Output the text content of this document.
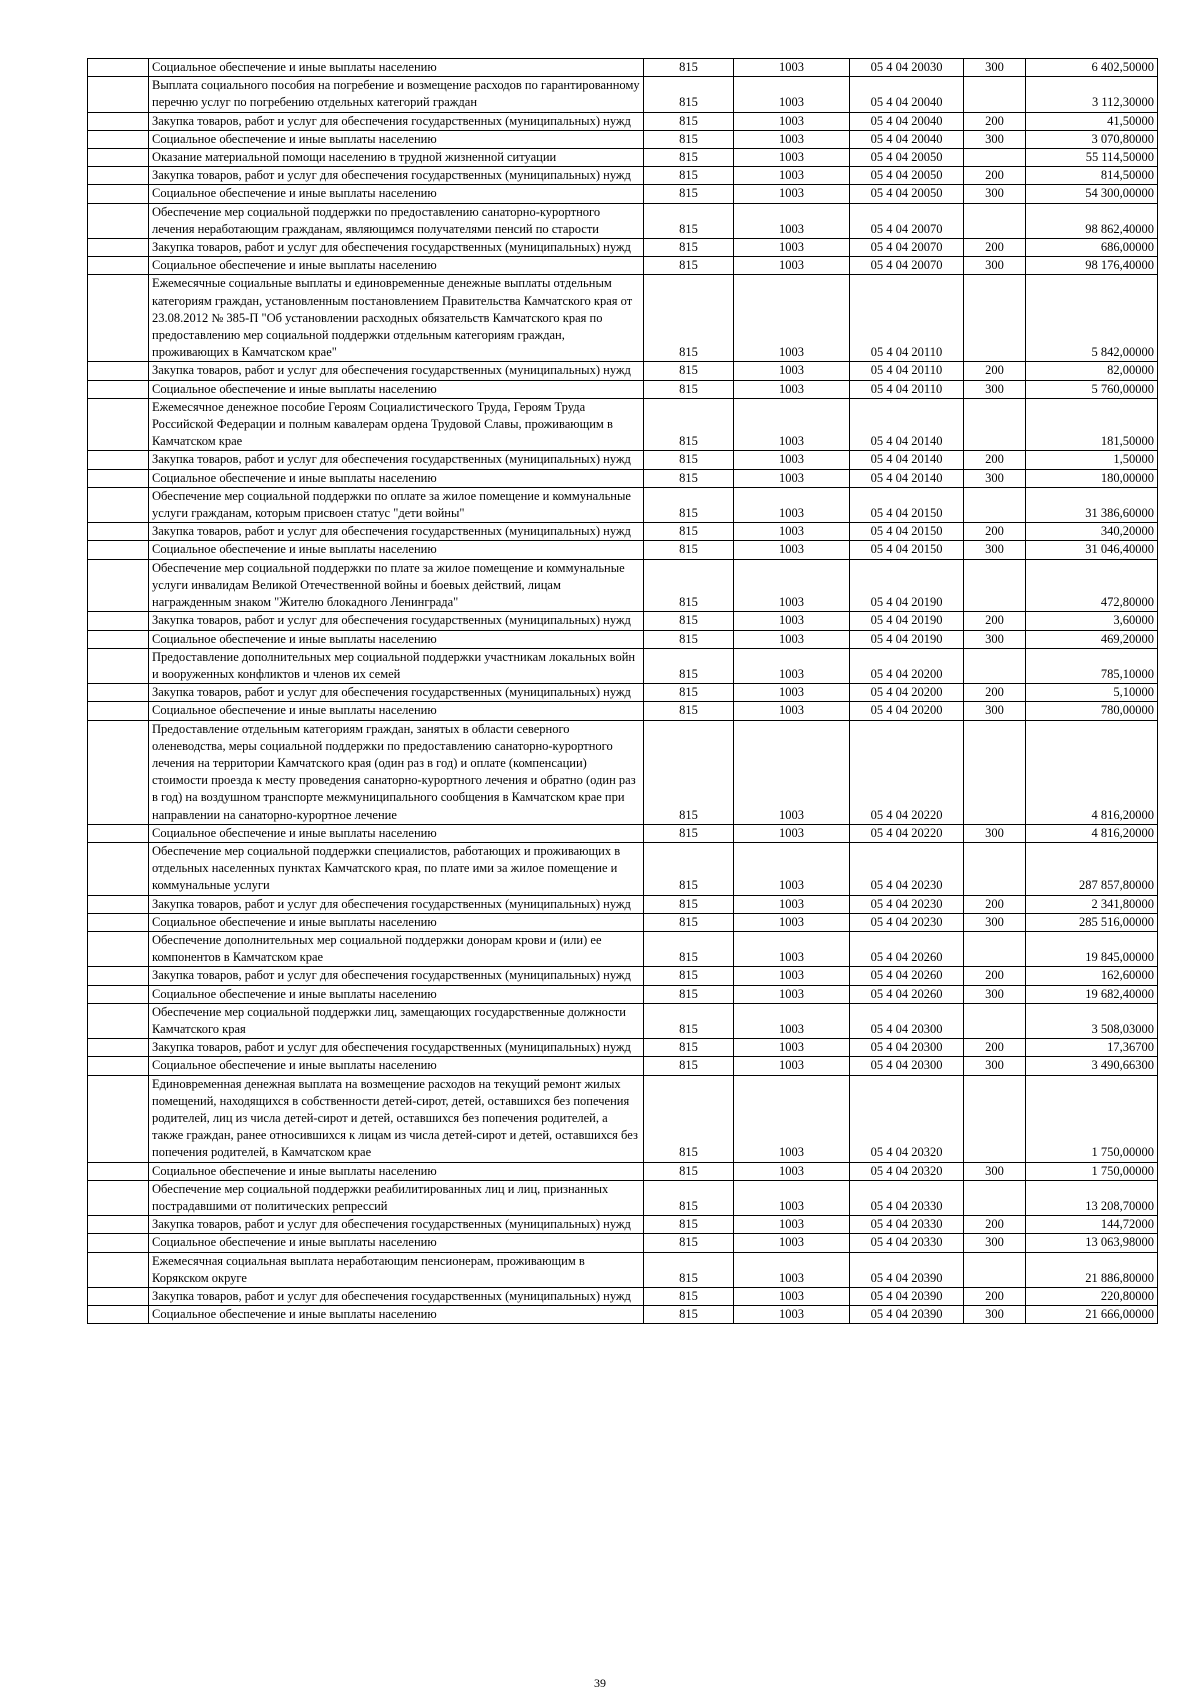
	Социальное обеспечение и иные выплаты населению	815	1003	05 4 04 20030	300	6 402,50000
	Выплата социального пособия на погребение и возмещение расходов по гарантированному перечню услуг по погребению отдельных категорий граждан	815	1003	05 4 04 20040		3 112,30000
	Закупка товаров, работ и услуг для обеспечения государственных (муниципальных) нужд	815	1003	05 4 04 20040	200	41,50000
	Социальное обеспечение и иные выплаты населению	815	1003	05 4 04 20040	300	3 070,80000
	Оказание материальной помощи населению в трудной жизненной ситуации	815	1003	05 4 04 20050		55 114,50000
	Закупка товаров, работ и услуг для обеспечения государственных (муниципальных) нужд	815	1003	05 4 04 20050	200	814,50000
	Социальное обеспечение и иные выплаты населению	815	1003	05 4 04 20050	300	54 300,00000
	Обеспечение мер социальной поддержки по предоставлению санаторно-курортного лечения неработающим гражданам, являющимся получателями пенсий по старости	815	1003	05 4 04 20070		98 862,40000
	Закупка товаров, работ и услуг для обеспечения государственных (муниципальных) нужд	815	1003	05 4 04 20070	200	686,00000
	Социальное обеспечение и иные выплаты населению	815	1003	05 4 04 20070	300	98 176,40000
	Ежемесячные социальные выплаты и единовременные денежные выплаты отдельным категориям граждан, установленным постановлением Правительства Камчатского края от 23.08.2012 № 385-П "Об установлении расходных обязательств Камчатского края по предоставлению мер социальной поддержки отдельным категориям граждан, проживающих в Камчатском крае"	815	1003	05 4 04 20110		5 842,00000
	Закупка товаров, работ и услуг для обеспечения государственных (муниципальных) нужд	815	1003	05 4 04 20110	200	82,00000
	Социальное обеспечение и иные выплаты населению	815	1003	05 4 04 20110	300	5 760,00000
	Ежемесячное денежное пособие Героям Социалистического Труда, Героям Труда Российской Федерации и полным кавалерам ордена Трудовой Славы, проживающим в Камчатском крае	815	1003	05 4 04 20140		181,50000
	Закупка товаров, работ и услуг для обеспечения государственных (муниципальных) нужд	815	1003	05 4 04 20140	200	1,50000
	Социальное обеспечение и иные выплаты населению	815	1003	05 4 04 20140	300	180,00000
	Обеспечение мер социальной поддержки по оплате за жилое помещение и коммунальные услуги гражданам, которым присвоен статус "дети войны"	815	1003	05 4 04 20150		31 386,60000
	Закупка товаров, работ и услуг для обеспечения государственных (муниципальных) нужд	815	1003	05 4 04 20150	200	340,20000
	Социальное обеспечение и иные выплаты населению	815	1003	05 4 04 20150	300	31 046,40000
	Обеспечение мер социальной поддержки по плате за жилое помещение и коммунальные услуги инвалидам Великой Отечественной войны и боевых действий, лицам награжденным знаком "Жителю блокадного Ленинграда"	815	1003	05 4 04 20190		472,80000
	Закупка товаров, работ и услуг для обеспечения государственных (муниципальных) нужд	815	1003	05 4 04 20190	200	3,60000
	Социальное обеспечение и иные выплаты населению	815	1003	05 4 04 20190	300	469,20000
	Предоставление дополнительных мер социальной поддержки участникам локальных войн и вооруженных конфликтов и членов их семей	815	1003	05 4 04 20200		785,10000
	Закупка товаров, работ и услуг для обеспечения государственных (муниципальных) нужд	815	1003	05 4 04 20200	200	5,10000
	Социальное обеспечение и иные выплаты населению	815	1003	05 4 04 20200	300	780,00000
	Предоставление отдельным категориям граждан, занятых в области северного оленеводства, меры социальной поддержки по предоставлению санаторно-курортного лечения на территории Камчатского края (один раз в год) и оплате (компенсации) стоимости проезда к месту проведения санаторно-курортного лечения и обратно (один раз в год) на воздушном транспорте межмуниципального сообщения в Камчатском крае при направлении на санаторно-курортное лечение	815	1003	05 4 04 20220		4 816,20000
	Социальное обеспечение и иные выплаты населению	815	1003	05 4 04 20220	300	4 816,20000
	Обеспечение мер социальной поддержки специалистов, работающих и проживающих в отдельных населенных пунктах Камчатского края, по плате ими за жилое помещение и коммунальные услуги	815	1003	05 4 04 20230		287 857,80000
	Закупка товаров, работ и услуг для обеспечения государственных (муниципальных) нужд	815	1003	05 4 04 20230	200	2 341,80000
	Социальное обеспечение и иные выплаты населению	815	1003	05 4 04 20230	300	285 516,00000
	Обеспечение дополнительных мер социальной поддержки донорам крови и (или) ее компонентов в Камчатском крае	815	1003	05 4 04 20260		19 845,00000
	Закупка товаров, работ и услуг для обеспечения государственных (муниципальных) нужд	815	1003	05 4 04 20260	200	162,60000
	Социальное обеспечение и иные выплаты населению	815	1003	05 4 04 20260	300	19 682,40000
	Обеспечение мер социальной поддержки лиц, замещающих государственные должности Камчатского края	815	1003	05 4 04 20300		3 508,03000
	Закупка товаров, работ и услуг для обеспечения государственных (муниципальных) нужд	815	1003	05 4 04 20300	200	17,36700
	Социальное обеспечение и иные выплаты населению	815	1003	05 4 04 20300	300	3 490,66300
	Единовременная денежная выплата на возмещение расходов на текущий ремонт жилых помещений, находящихся в собственности детей-сирот, детей, оставшихся без попечения родителей, лиц из числа детей-сирот и детей, оставшихся без попечения родителей, а также граждан, ранее относившихся к лицам из числа детей-сирот и детей, оставшихся без попечения родителей, в Камчатском крае	815	1003	05 4 04 20320		1 750,00000
	Социальное обеспечение и иные выплаты населению	815	1003	05 4 04 20320	300	1 750,00000
	Обеспечение мер социальной поддержки реабилитированных лиц и лиц, признанных пострадавшими от политических репрессий	815	1003	05 4 04 20330		13 208,70000
	Закупка товаров, работ и услуг для обеспечения государственных (муниципальных) нужд	815	1003	05 4 04 20330	200	144,72000
	Социальное обеспечение и иные выплаты населению	815	1003	05 4 04 20330	300	13 063,98000
	Ежемесячная социальная выплата неработающим пенсионерам, проживающим в Корякском округе	815	1003	05 4 04 20390		21 886,80000
	Закупка товаров, работ и услуг для обеспечения государственных (муниципальных) нужд	815	1003	05 4 04 20390	200	220,80000
	Социальное обеспечение и иные выплаты населению	815	1003	05 4 04 20390	300	21 666,00000
39
